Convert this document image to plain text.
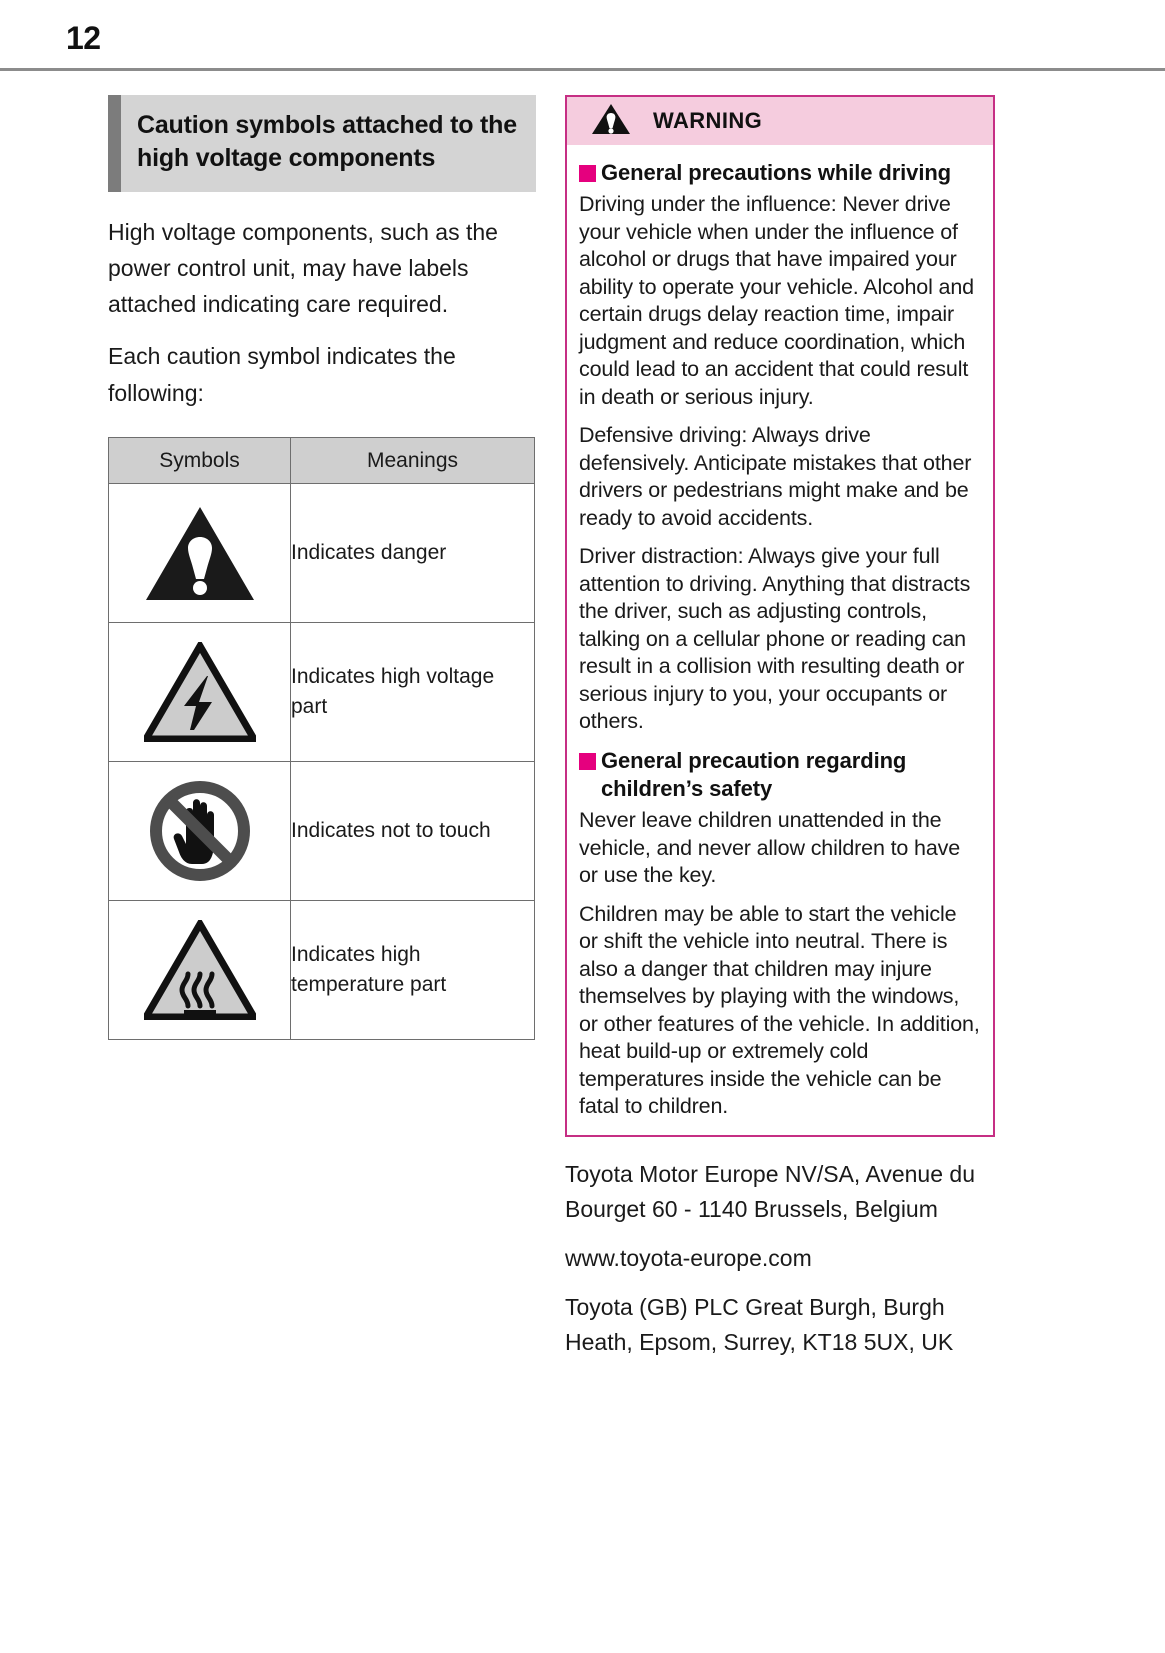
12
Caution symbols attached to the high voltage components

High voltage components, such as the power control unit, may have labels attached indicating care required.

Each caution symbol indicates the following:

Symbols	Meanings

	Indicates danger

	Indicates high voltage part

	Indicates not to touch

	Indicates high temperature part
WARNING
General precautions while driving

Driving under the influence: Never drive your vehicle when under the influence of alcohol or drugs that have impaired your ability to operate your vehicle. Alcohol and certain drugs delay reaction time, impair judgment and reduce coordination, which could lead to an accident that could result in death or serious injury.

Defensive driving: Always drive defensively. Anticipate mistakes that other drivers or pedestrians might make and be ready to avoid accidents.

Driver distraction: Always give your full attention to driving. Anything that distracts the driver, such as adjusting controls, talking on a cellular phone or reading can result in a collision with resulting death or serious injury to you, your occupants or others.

General precaution regarding children’s safety

Never leave children unattended in the vehicle, and never allow children to have or use the key.

Children may be able to start the vehicle or shift the vehicle into neutral. There is also a danger that children may injure themselves by playing with the windows, or other features of the vehicle. In addition, heat build-up or extremely cold temperatures inside the vehicle can be fatal to children.

Toyota Motor Europe NV/SA, Avenue du Bourget 60 - 1140 Brussels, Belgium

www.toyota-europe.com

Toyota (GB) PLC Great Burgh, Burgh Heath, Epsom, Surrey, KT18 5UX, UK
